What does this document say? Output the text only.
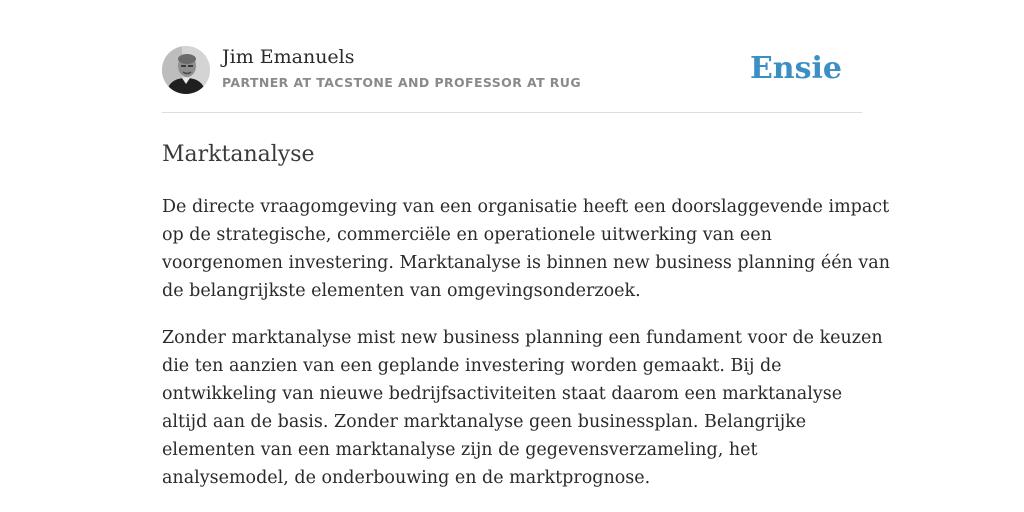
Jim Emanuels
PARTNER AT TACSTONE AND PROFESSOR AT RUG	Ensie
Marktanalyse

De directe vraagomgeving van een organisatie heeft een doorslaggevende impact
op de strategische, commerciële en operationele uitwerking van een
voorgenomen investering. Marktanalyse is binnen new business planning één van
de belangrijkste elementen van omgevingsonderzoek.

Zonder marktanalyse mist new business planning een fundament voor de keuzen
die ten aanzien van een geplande investering worden gemaakt. Bij de
ontwikkeling van nieuwe bedrijfsactiviteiten staat daarom een marktanalyse
altijd aan de basis. Zonder marktanalyse geen businessplan. Belangrijke
elementen van een marktanalyse zijn de gegevensverzameling, het
analysemodel, de onderbouwing en de marktprognose.
